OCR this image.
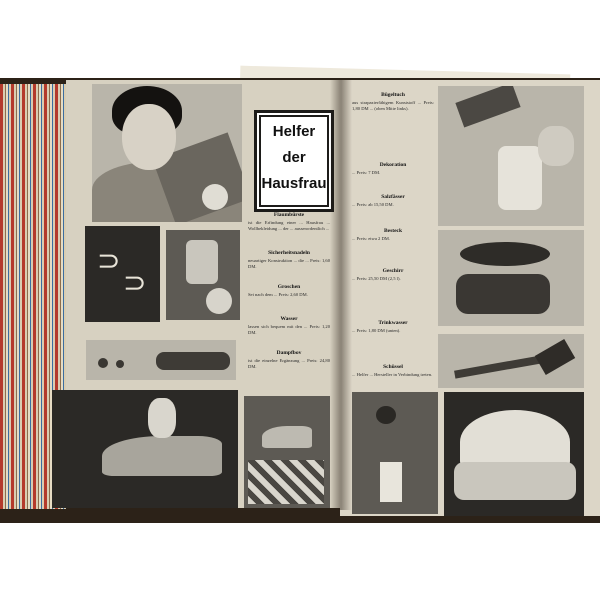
Helfer
der
Hausfrau
⊃
⊃
Flaumbürste
ist die Erfindung einer ... Hausfrau ... Wollbekleidung ... der ... ausserordentlich ...
Sicherheitsnadeln
neuartiger Konstruktion ... die ... Preis: 1,60 DM.
Groschen
Sei nach dem ... Preis: 2,60 DM.
Wasser
lassen sich bequem mit den ... Preis: 1,20 DM.
Dampfbov
ist die einzelne Ergänzung ... Preis: 24,80 DM.
Bügeltuch
aus strapazierfähigem Kunststoff ... Preis: 1,80 DM ... (oben Mitte links).
Dekoration
... Preis: 7 DM.
Salzfässer
... Preis: ab 15,50 DM.
Besteck
... Preis: etwa 2 DM.
Geschirr
... Preis: 25,50 DM (2,5 l).
Trinkwasser
... Preis: 1,80 DM (unten).
Schüssel
... Helfer ... Hersteller in Verbindung treten.
